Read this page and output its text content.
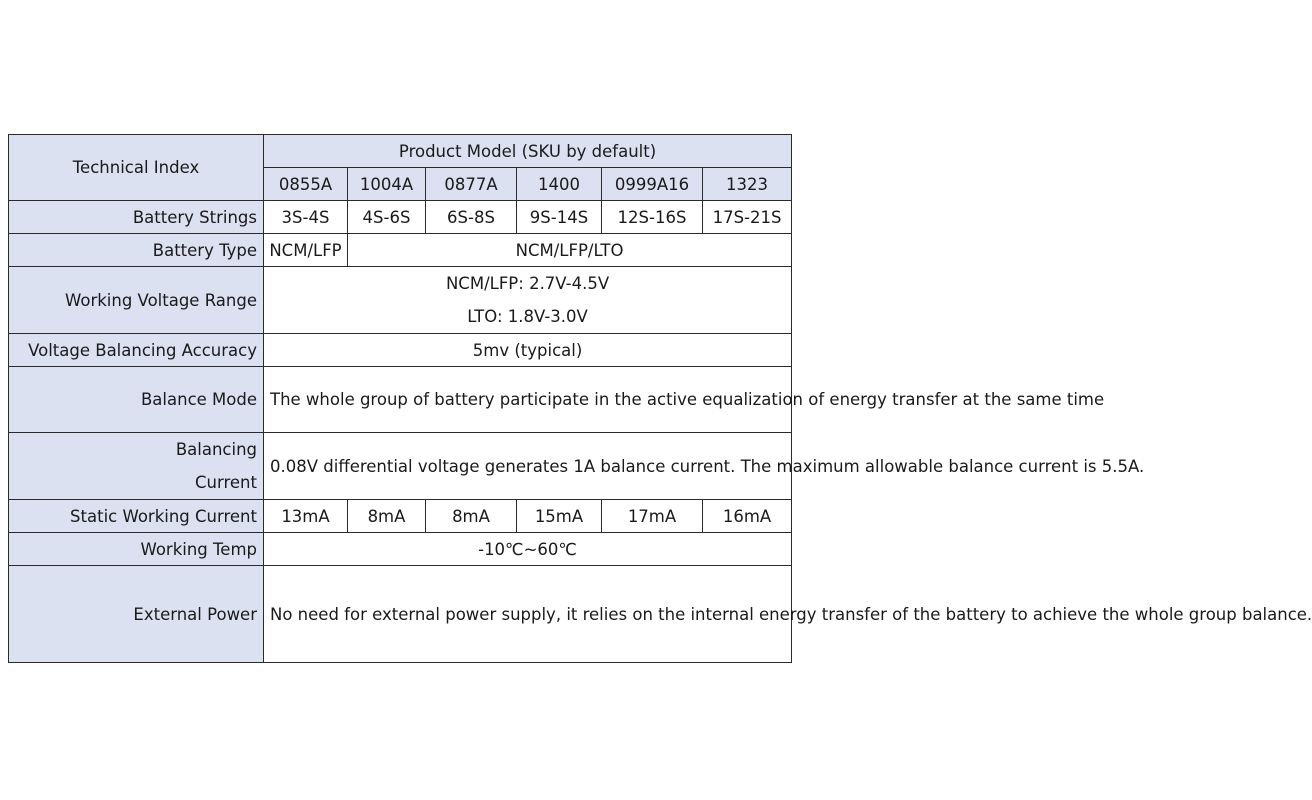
Technical Index	Product Model (SKU by default)					
	0855A	1004A	0877A	1400	0999A16	1323
Battery Strings	3S-4S	4S-6S	6S-8S	9S-14S	12S-16S	17S-21S
Battery Type	NCM/LFP	NCM/LFP/LTO				
Working Voltage Range	NCM/LFP: 2.7V-4.5V
LTO: 1.8V-3.0V					

Voltage Balancing Accuracy	5mv (typical)					
Balance Mode	The whole group of battery participate in the active equalization of energy transfer at the same time					

Balancing
Current	0.08V differential voltage generates 1A balance current. The maximum allowable balance current is 5.5A.					
Static Working Current	13mA	8mA	8mA	15mA	17mA	16mA
Working Temp	-10℃~60℃					
External Power	No need for external power supply, it relies on the internal energy transfer of the battery to achieve the whole group balance.					
